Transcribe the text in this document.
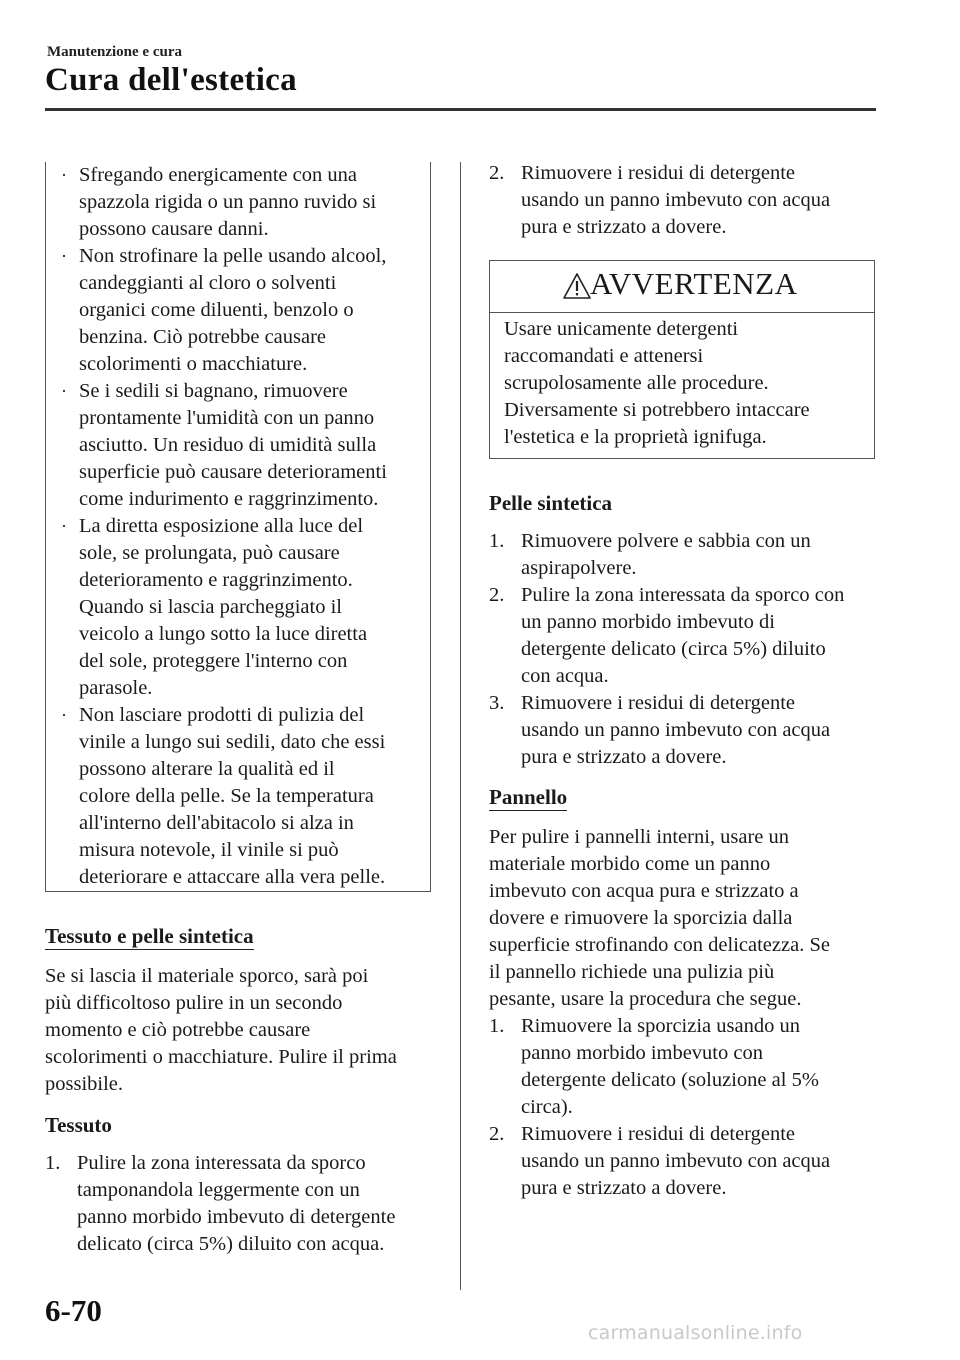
Manutenzione e cura
Cura dell'estetica
· Sfregando energicamente con una
spazzola rigida o un panno ruvido si
possono causare danni.
· Non strofinare la pelle usando alcool,
candeggianti al cloro o solventi
organici come diluenti, benzolo o
benzina. Ciò potrebbe causare
scolorimenti o macchiature.
· Se i sedili si bagnano, rimuovere
prontamente l'umidità con un panno
asciutto. Un residuo di umidità sulla
superficie può causare deterioramenti
come indurimento e raggrinzimento.
· La diretta esposizione alla luce del
sole, se prolungata, può causare
deterioramento e raggrinzimento.
Quando si lascia parcheggiato il
veicolo a lungo sotto la luce diretta
del sole, proteggere l'interno con
parasole.
· Non lasciare prodotti di pulizia del
vinile a lungo sui sedili, dato che essi
possono alterare la qualità ed il
colore della pelle. Se la temperatura
all'interno dell'abitacolo si alza in
misura notevole, il vinile si può
deteriorare e attaccare alla vera pelle.
Tessuto e pelle sintetica
Se si lascia il materiale sporco, sarà poi
più difficoltoso pulire in un secondo
momento e ciò potrebbe causare
scolorimenti o macchiature. Pulire il prima
possibile.
Tessuto
1. Pulire la zona interessata da sporco
tamponandola leggermente con un
panno morbido imbevuto di detergente
delicato (circa 5%) diluito con acqua.
2. Rimuovere i residui di detergente
usando un panno imbevuto con acqua
pura e strizzato a dovere.
AVVERTENZA
Usare unicamente detergenti
raccomandati e attenersi
scrupolosamente alle procedure.
Diversamente si potrebbero intaccare
l'estetica e la proprietà ignifuga.
Pelle sintetica
1. Rimuovere polvere e sabbia con un
aspirapolvere.
2. Pulire la zona interessata da sporco con
un panno morbido imbevuto di
detergente delicato (circa 5%) diluito
con acqua.
3. Rimuovere i residui di detergente
usando un panno imbevuto con acqua
pura e strizzato a dovere.
Pannello
Per pulire i pannelli interni, usare un
materiale morbido come un panno
imbevuto con acqua pura e strizzato a
dovere e rimuovere la sporcizia dalla
superficie strofinando con delicatezza. Se
il pannello richiede una pulizia più
pesante, usare la procedura che segue.
1. Rimuovere la sporcizia usando un
panno morbido imbevuto con
detergente delicato (soluzione al 5%
circa).
2. Rimuovere i residui di detergente
usando un panno imbevuto con acqua
pura e strizzato a dovere.
6-70
carmanualsonline.info
